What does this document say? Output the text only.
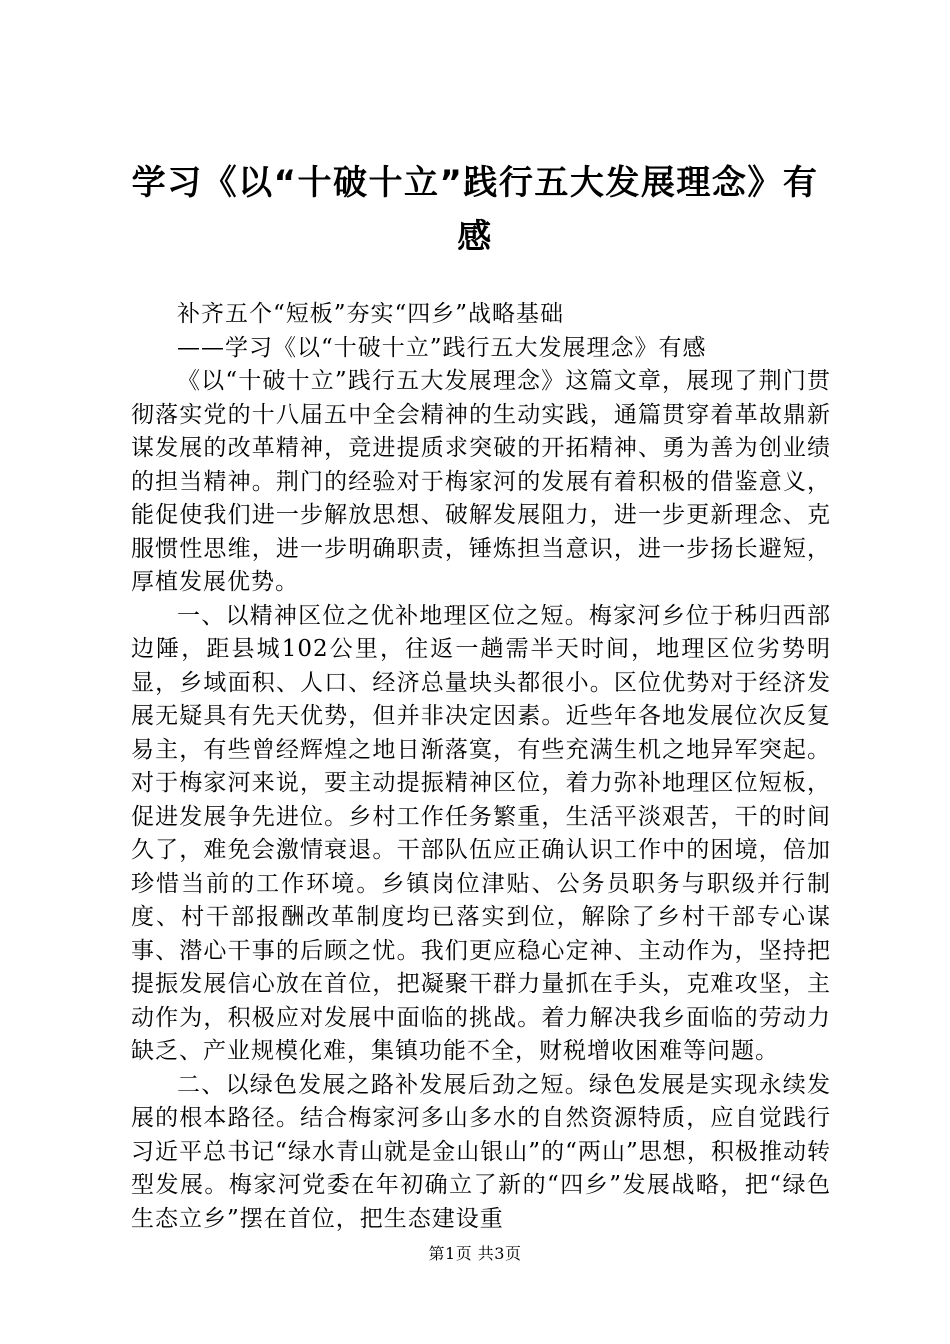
学习《以“十破十立”践行五大发展理念》有感

补齐五个“短板”夯实“四乡”战略基础

——学习《以“十破十立”践行五大发展理念》有感

《以“十破十立”践行五大发展理念》这篇文章，展现了荆门贯彻落实党的十八届五中全会精神的生动实践，通篇贯穿着革故鼎新谋发展的改革精神，竞进提质求突破的开拓精神、勇为善为创业绩的担当精神。荆门的经验对于梅家河的发展有着积极的借鉴意义，能促使我们进一步解放思想、破解发展阻力，进一步更新理念、克服惯性思维，进一步明确职责，锤炼担当意识，进一步扬长避短，厚植发展优势。

一、以精神区位之优补地理区位之短。梅家河乡位于秭归西部边陲，距县城102公里，往返一趟需半天时间，地理区位劣势明显，乡域面积、人口、经济总量块头都很小。区位优势对于经济发展无疑具有先天优势，但并非决定因素。近些年各地发展位次反复易主，有些曾经辉煌之地日渐落寞，有些充满生机之地异军突起。对于梅家河来说，要主动提振精神区位，着力弥补地理区位短板，促进发展争先进位。乡村工作任务繁重，生活平淡艰苦，干的时间久了，难免会激情衰退。干部队伍应正确认识工作中的困境，倍加珍惜当前的工作环境。乡镇岗位津贴、公务员职务与职级并行制度、村干部报酬改革制度均已落实到位，解除了乡村干部专心谋事、潜心干事的后顾之忧。我们更应稳心定神、主动作为，坚持把提振发展信心放在首位，把凝聚干群力量抓在手头，克难攻坚，主动作为，积极应对发展中面临的挑战。着力解决我乡面临的劳动力缺乏、产业规模化难，集镇功能不全，财税增收困难等问题。

二、以绿色发展之路补发展后劲之短。绿色发展是实现永续发展的根本路径。结合梅家河多山多水的自然资源特质，应自觉践行习近平总书记“绿水青山就是金山银山”的“两山”思想，积极推动转型发展。梅家河党委在年初确立了新的“四乡”发展战略，把“绿色生态立乡”摆在首位，把生态建设重

第1页 共3页
